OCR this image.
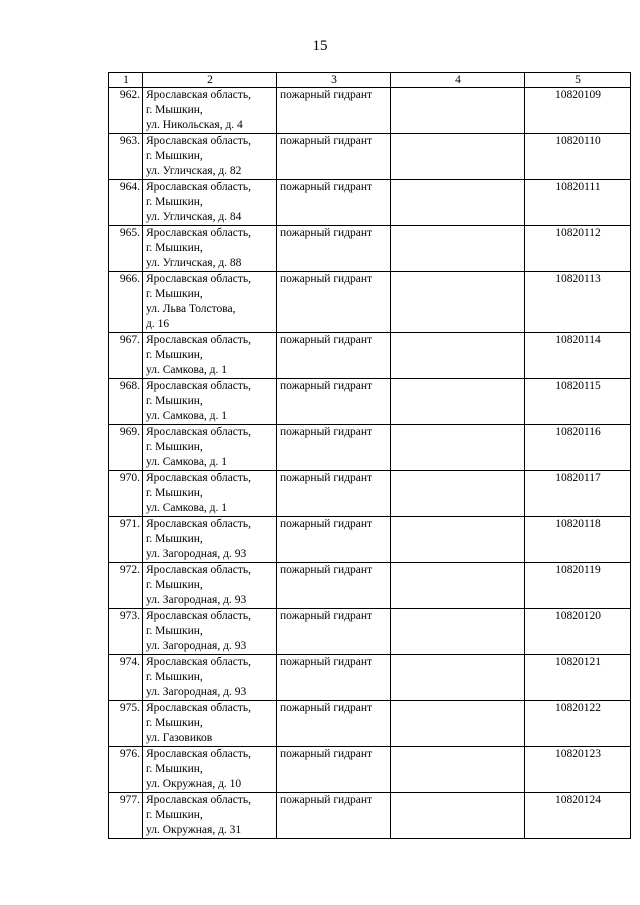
15
1	2	3	4	5
962.	Ярославская область,
г. Мышкин,
ул. Никольская, д. 4	пожарный гидрант		10820109
963.	Ярославская область,
г. Мышкин,
ул. Угличская, д. 82	пожарный гидрант		10820110
964.	Ярославская область,
г. Мышкин,
ул. Угличская, д. 84	пожарный гидрант		10820111
965.	Ярославская область,
г. Мышкин,
ул. Угличская, д. 88	пожарный гидрант		10820112
966.	Ярославская область,
г. Мышкин,
ул. Льва Толстова,
д. 16	пожарный гидрант		10820113
967.	Ярославская область,
г. Мышкин,
ул. Самкова, д. 1	пожарный гидрант		10820114
968.	Ярославская область,
г. Мышкин,
ул. Самкова, д. 1	пожарный гидрант		10820115
969.	Ярославская область,
г. Мышкин,
ул. Самкова, д. 1	пожарный гидрант		10820116
970.	Ярославская область,
г. Мышкин,
ул. Самкова, д. 1	пожарный гидрант		10820117
971.	Ярославская область,
г. Мышкин,
ул. Загородная, д. 93	пожарный гидрант		10820118
972.	Ярославская область,
г. Мышкин,
ул. Загородная, д. 93	пожарный гидрант		10820119
973.	Ярославская область,
г. Мышкин,
ул. Загородная, д. 93	пожарный гидрант		10820120
974.	Ярославская область,
г. Мышкин,
ул. Загородная, д. 93	пожарный гидрант		10820121
975.	Ярославская область,
г. Мышкин,
ул. Газовиков	пожарный гидрант		10820122
976.	Ярославская область,
г. Мышкин,
ул. Окружная, д. 10	пожарный гидрант		10820123
977.	Ярославская область,
г. Мышкин,
ул. Окружная, д. 31	пожарный гидрант		10820124
